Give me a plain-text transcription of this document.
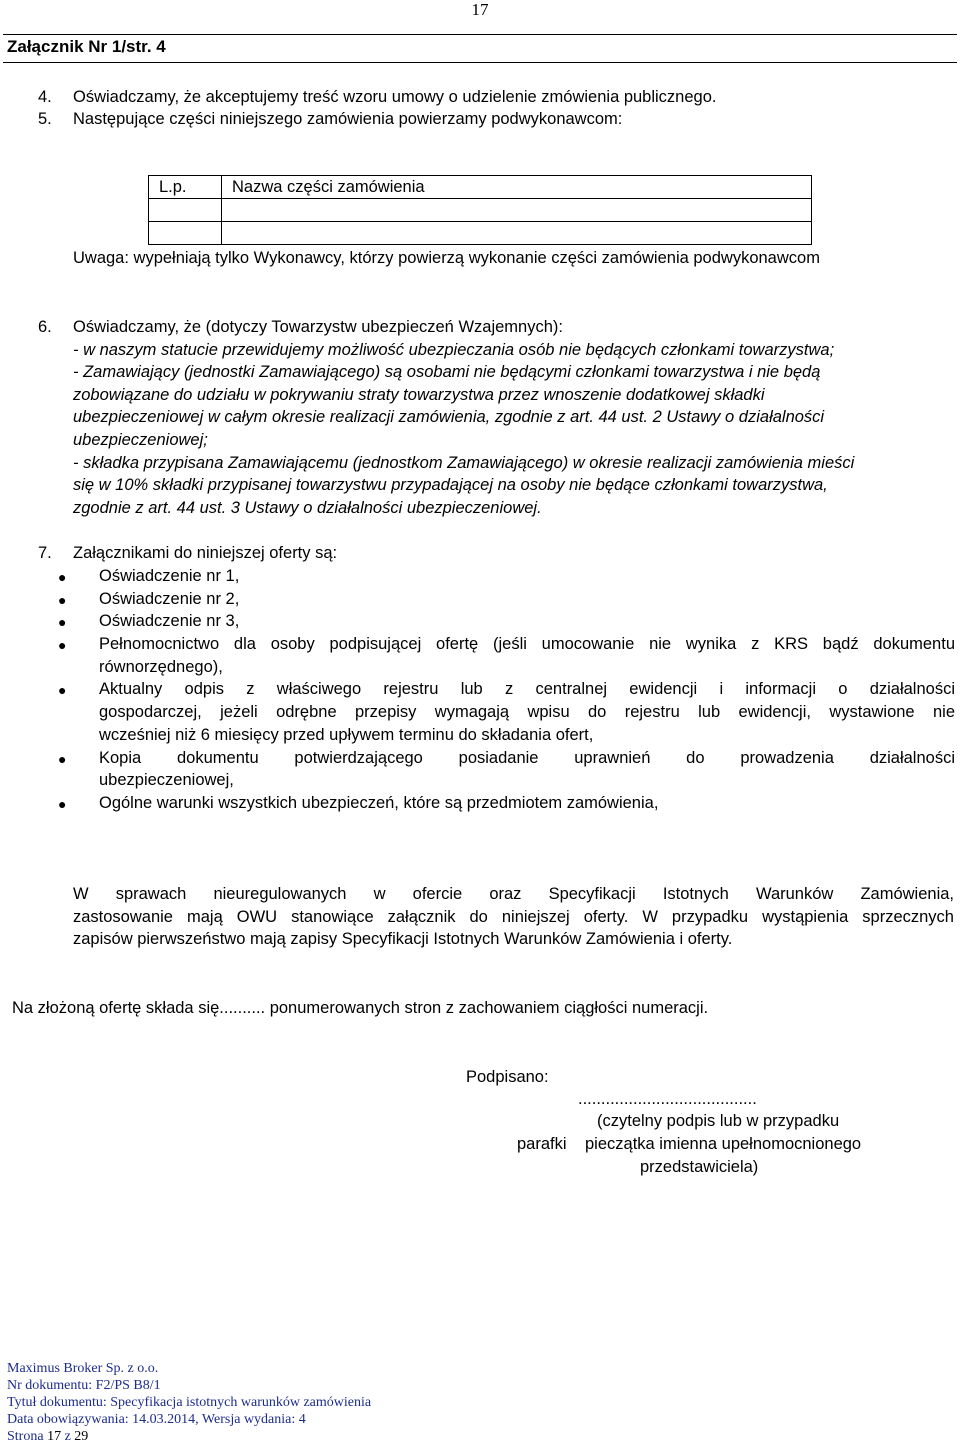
17
Załącznik Nr 1/str. 4
4. Oświadczamy, że akceptujemy treść wzoru umowy o udzielenie zmówienia publicznego.
5. Następujące części niniejszego zamówienia powierzamy podwykonawcom:
L.p.	Nazwa części zamówienia

Uwaga: wypełniają tylko Wykonawcy, którzy powierzą wykonanie części zamówienia podwykonawcom
6. Oświadczamy, że (dotyczy Towarzystw ubezpieczeń Wzajemnych):
- w naszym statucie przewidujemy możliwość ubezpieczania osób nie będących członkami towarzystwa;
- Zamawiający (jednostki Zamawiającego) są osobami nie będącymi członkami towarzystwa i nie będą
zobowiązane do udziału w pokrywaniu straty towarzystwa przez wnoszenie dodatkowej składki
ubezpieczeniowej w całym okresie realizacji zamówienia, zgodnie z art. 44 ust. 2 Ustawy o działalności
ubezpieczeniowej;
- składka przypisana Zamawiającemu (jednostkom Zamawiającego) w okresie realizacji zamówienia mieści
się w 10% składki przypisanej towarzystwu przypadającej na osoby nie będące członkami towarzystwa,
zgodnie z art. 44 ust. 3 Ustawy o działalności ubezpieczeniowej.
7. Załącznikami do niniejszej oferty są:
● Oświadczenie nr 1,
● Oświadczenie nr 2,
● Oświadczenie nr 3,
● Pełnomocnictwo dla osoby podpisującej ofertę (jeśli umocowanie nie wynika z KRS bądź dokumentu
równorzędnego),
● Aktualny odpis z właściwego rejestru lub z centralnej ewidencji i informacji o działalności
gospodarczej, jeżeli odrębne przepisy wymagają wpisu do rejestru lub ewidencji, wystawione nie
wcześniej niż 6 miesięcy przed upływem terminu do składania ofert,
● Kopia dokumentu potwierdzającego posiadanie uprawnień do prowadzenia działalności
ubezpieczeniowej,
● Ogólne warunki wszystkich ubezpieczeń, które są przedmiotem zamówienia,
W sprawach nieuregulowanych w ofercie oraz Specyfikacji Istotnych Warunków Zamówienia,
zastosowanie mają OWU stanowiące załącznik do niniejszej oferty. W przypadku wystąpienia sprzecznych
zapisów pierwszeństwo mają zapisy Specyfikacji Istotnych Warunków Zamówienia i oferty.
Na złożoną ofertę składa się.......... ponumerowanych stron z zachowaniem ciągłości numeracji.
Podpisano:
.......................................
(czytelny podpis lub w przypadku
parafki pieczątka imienna upełnomocnionego
przedstawiciela)
Maximus Broker Sp. z o.o.
Nr dokumentu: F2/PS B8/1
Tytuł dokumentu: Specyfikacja istotnych warunków zamówienia
Data obowiązywania: 14.03.2014, Wersja wydania: 4
Strona 17 z 29
